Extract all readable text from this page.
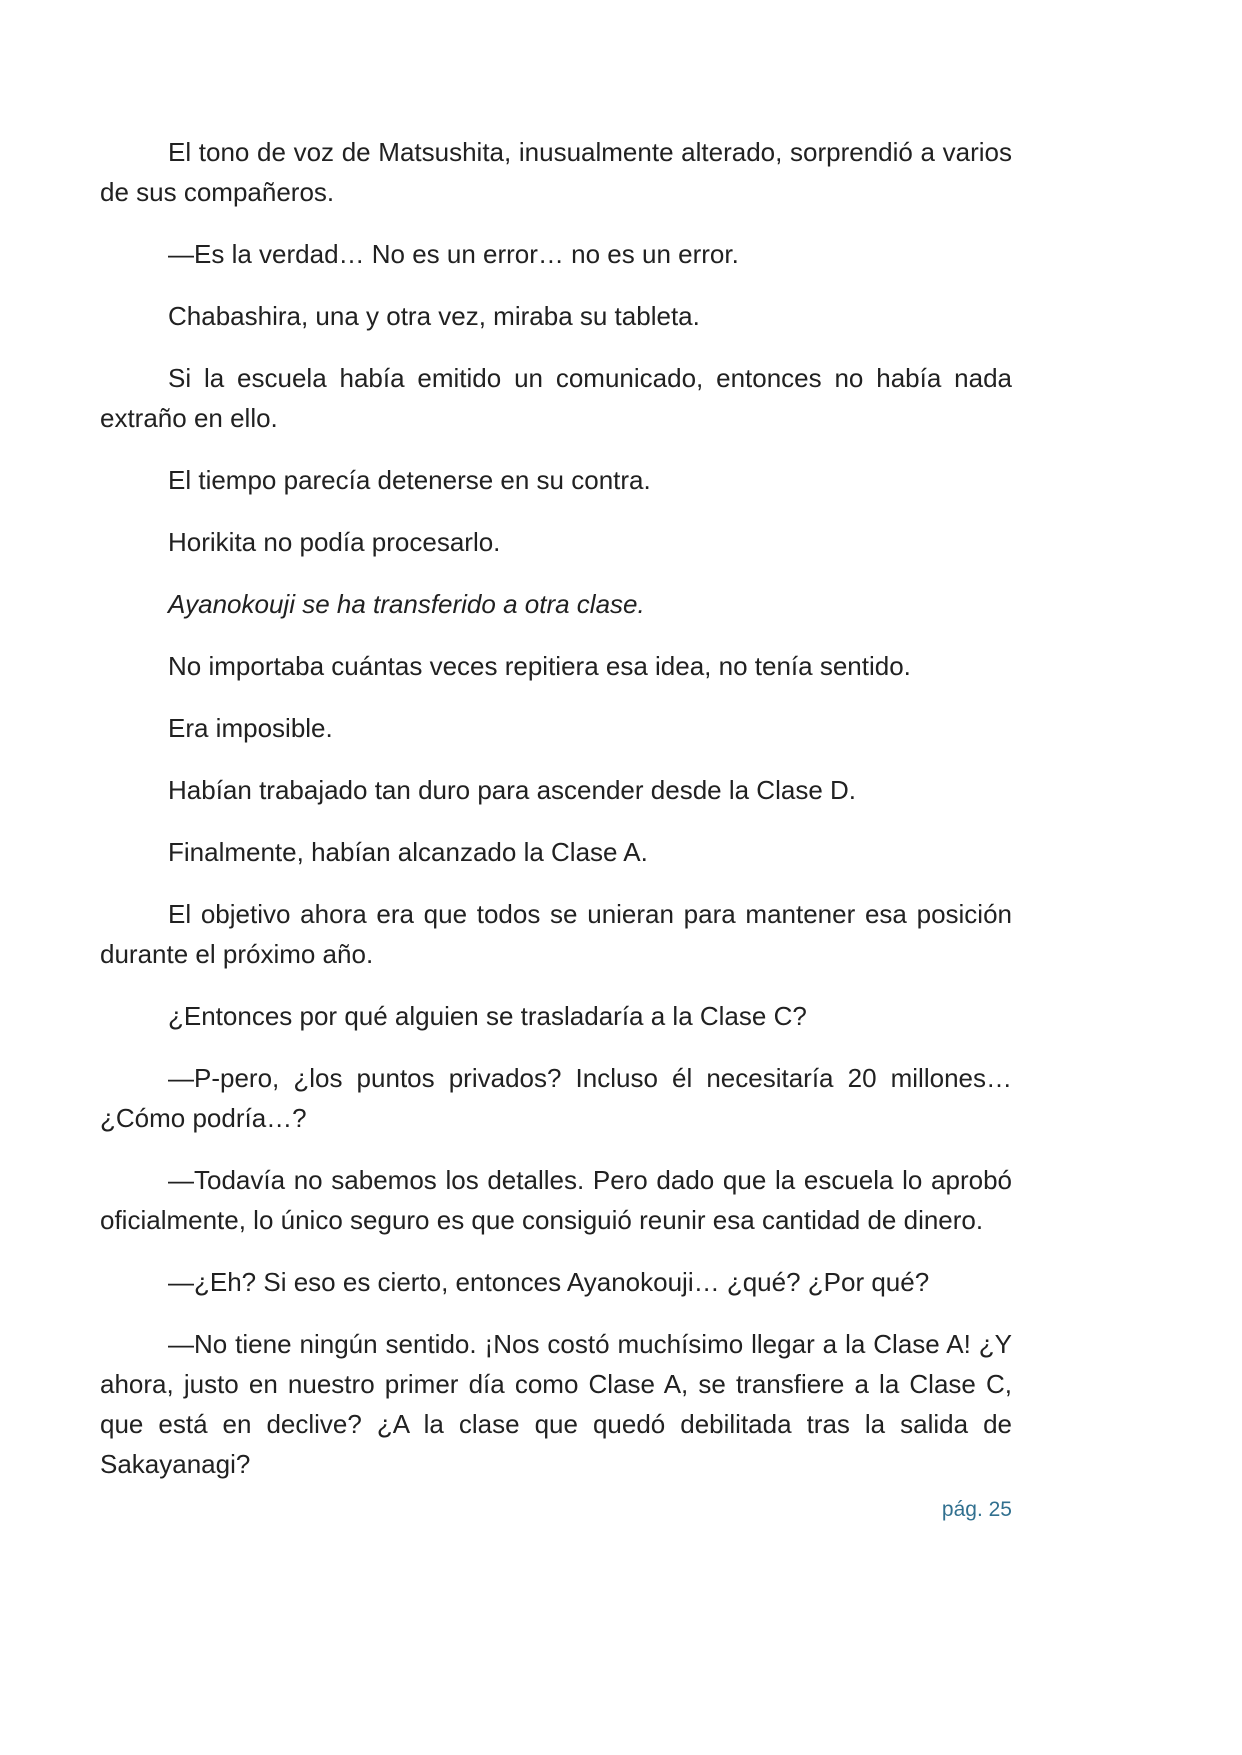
El tono de voz de Matsushita, inusualmente alterado, sorprendió a varios de sus compañeros.

—Es la verdad… No es un error… no es un error.

Chabashira, una y otra vez, miraba su tableta.

Si la escuela había emitido un comunicado, entonces no había nada extraño en ello.

El tiempo parecía detenerse en su contra.

Horikita no podía procesarlo.

Ayanokouji se ha transferido a otra clase.

No importaba cuántas veces repitiera esa idea, no tenía sentido.

Era imposible.

Habían trabajado tan duro para ascender desde la Clase D.

Finalmente, habían alcanzado la Clase A.

El objetivo ahora era que todos se unieran para mantener esa posición durante el próximo año.

¿Entonces por qué alguien se trasladaría a la Clase C?

—P-pero, ¿los puntos privados? Incluso él necesitaría 20 millones… ¿Cómo podría…?

—Todavía no sabemos los detalles. Pero dado que la escuela lo aprobó oficialmente, lo único seguro es que consiguió reunir esa cantidad de dinero.

—¿Eh? Si eso es cierto, entonces Ayanokouji… ¿qué? ¿Por qué?

—No tiene ningún sentido. ¡Nos costó muchísimo llegar a la Clase A! ¿Y ahora, justo en nuestro primer día como Clase A, se transfiere a la Clase C, que está en declive? ¿A la clase que quedó debilitada tras la salida de Sakayanagi?

pág. 25
